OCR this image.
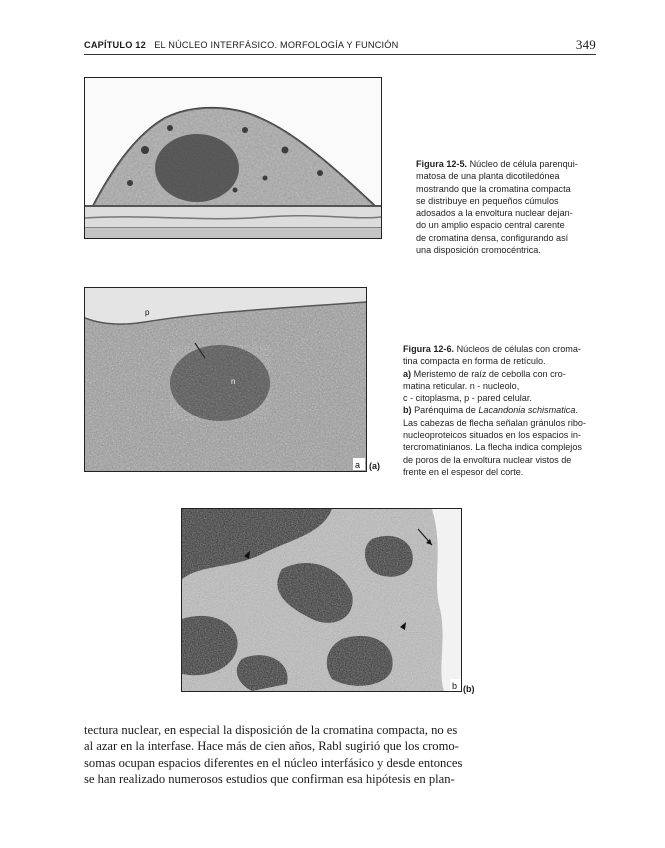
CAPÍTULO 12 EL NÚCLEO INTERFÁSICO. MORFOLOGÍA Y FUNCIÓN	349
Figura 12-5. Núcleo de célula parenqui-
matosa de una planta dicotiledónea
mostrando que la cromatina compacta
se distribuye en pequeños cúmulos
adosados a la envoltura nuclear dejan-
do un amplio espacio central carente
de cromatina densa, configurando así
una disposición cromocéntrica.
p
n
a (a)
Figura 12-6. Núcleos de células con croma-
tina compacta en forma de retículo.
a) Meristemo de raíz de cebolla con cro-
matina reticular. n - nucleolo,
c - citoplasma, p - pared celular.
b) Parénquima de Lacandonia schismatica.
Las cabezas de flecha señalan gránulos ribo-
nucleoproteicos situados en los espacios in-
tercromatinianos. La flecha indica complejos
de poros de la envoltura nuclear vistos de
frente en el espesor del corte.
b (b)
tectura nuclear, en especial la disposición de la cromatina compacta, no es
al azar en la interfase. Hace más de cien años, Rabl sugirió que los cromo-
somas ocupan espacios diferentes en el núcleo interfásico y desde entonces
se han realizado numerosos estudios que confirman esa hipótesis en plan-
